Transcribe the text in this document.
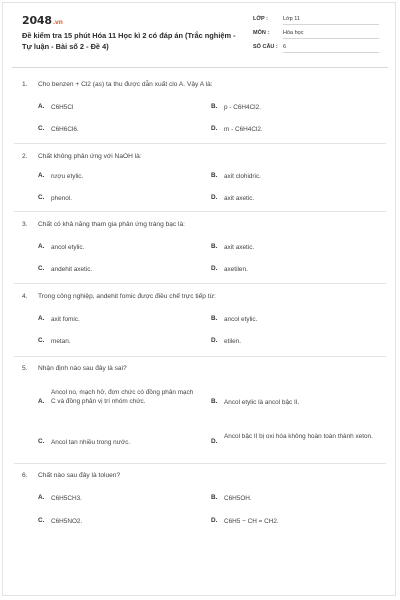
2048.vn
Đề kiểm tra 15 phút Hóa 11 Học kì 2 có đáp án (Trắc nghiệm - Tự luận - Bài số 2 - Đề 4)
LỚP :	Lớp 11
MÔN :	Hóa học
SỐ CÂU : 6
1. Cho benzen + Cl2 (as) ta thu được dẫn xuất clo A. Vậy A là:
A. C6H5Cl	B. p - C6H4Cl2.
C. C6H6Cl6.	D. m - C6H4Cl2.
2. Chất không phản ứng với NaOH là:
A. rượu etylic.	B. axit clohidric.
C. phenol.	D. axit axetic.
3. Chất có khả năng tham gia phản ứng tráng bạc là:
A. ancol etylic.	B. axit axetic.
C. andehit axetic.	D. axetilen.
4. Trong công nghiệp, andehit fomic được điều chế trực tiếp từ:
A. axit fomic.	B. ancol etylic.
C. metan.	D. etilen.
5. Nhận định nào sau đây là sai?
A.
Ancol no, mạch hở, đơn chức có đồng phân mạch C và đồng phân vị trí nhóm chức.	B. Ancol etylic là ancol bậc II.
C. Ancol tan nhiều trong nước.	D.
Ancol bậc II bị oxi hóa không hoàn toàn thành xeton.
6. Chất nào sau đây là toluen?
A. C6H5CH3.	B. C6H5OH.
C. C6H5NO2.	D. C6H5 − CH = CH2.
